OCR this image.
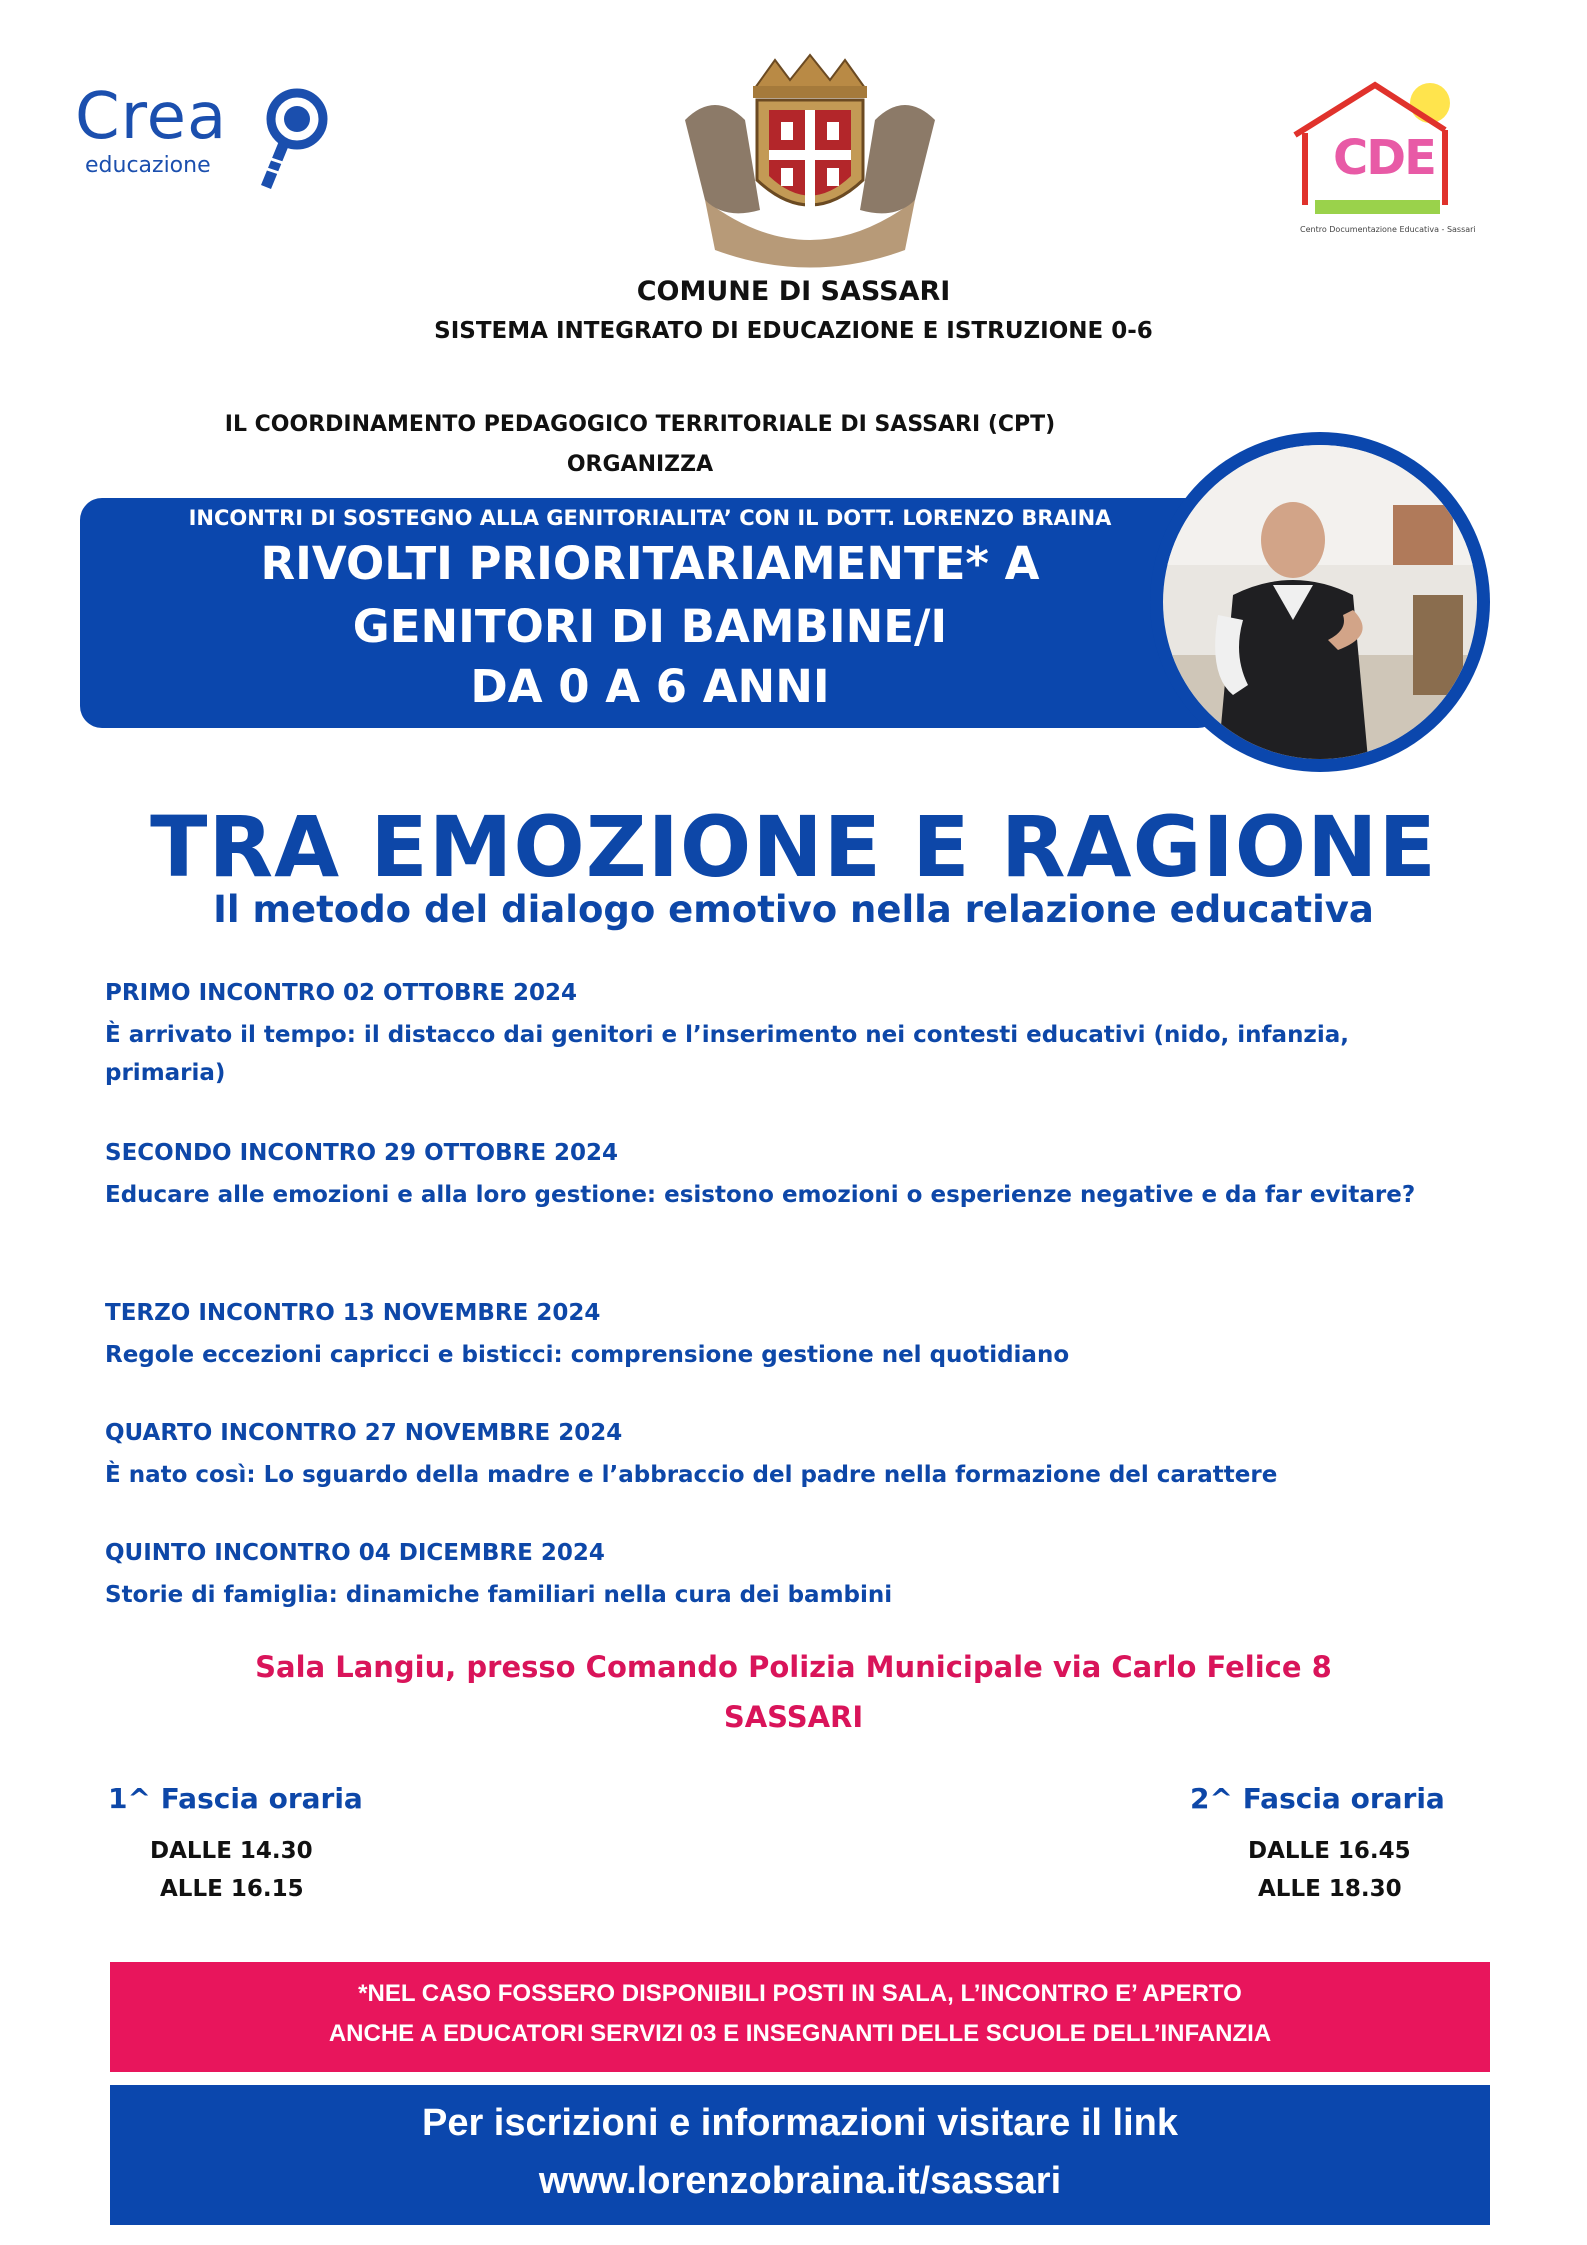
Crea
educazione	CDE
Centro Documentazione Educativa - Sassari
COMUNE DI SASSARI
SISTEMA INTEGRATO DI EDUCAZIONE E ISTRUZIONE 0-6
IL COORDINAMENTO PEDAGOGICO TERRITORIALE DI SASSARI (CPT)
ORGANIZZA
INCONTRI DI SOSTEGNO ALLA GENITORIALITA’ CON IL DOTT. LORENZO BRAINA
RIVOLTI PRIORITARIAMENTE* A
GENITORI DI BAMBINE/I
DA 0 A 6 ANNI
TRA EMOZIONE E RAGIONE
Il metodo del dialogo emotivo nella relazione educativa
PRIMO INCONTRO 02 OTTOBRE 2024
È arrivato il tempo: il distacco dai genitori e l’inserimento nei contesti educativi (nido, infanzia, primaria)
SECONDO INCONTRO 29 OTTOBRE 2024
Educare alle emozioni e alla loro gestione: esistono emozioni o esperienze negative e da far evitare?
TERZO INCONTRO 13 NOVEMBRE 2024
Regole eccezioni capricci e bisticci: comprensione gestione nel quotidiano
QUARTO INCONTRO 27 NOVEMBRE 2024
È nato così: Lo sguardo della madre e l’abbraccio del padre nella formazione del carattere
QUINTO INCONTRO 04 DICEMBRE 2024
Storie di famiglia: dinamiche familiari nella cura dei bambini
Sala Langiu, presso Comando Polizia Municipale via Carlo Felice 8
SASSARI
1^ Fascia oraria
DALLE 14.30
ALLE 16.15
2^ Fascia oraria
DALLE 16.45
ALLE 18.30
*NEL CASO FOSSERO DISPONIBILI POSTI IN SALA, L’INCONTRO E’ APERTO
ANCHE A EDUCATORI SERVIZI 03 E INSEGNANTI DELLE SCUOLE DELL’INFANZIA
Per iscrizioni e informazioni visitare il link
www.lorenzobraina.it/sassari
